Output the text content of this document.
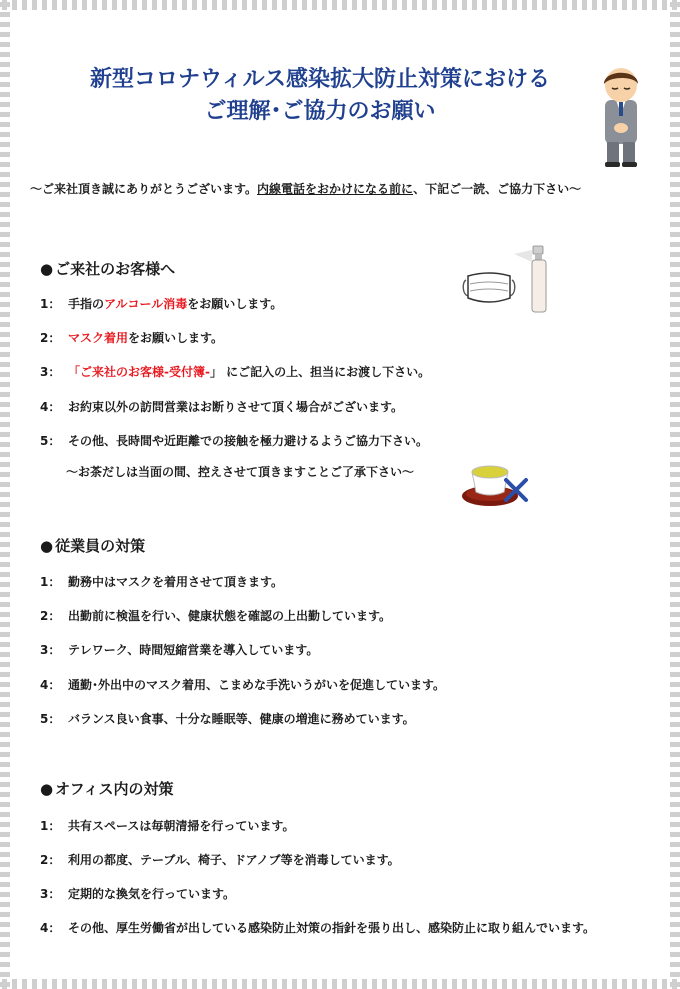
新型コロナウィルス感染拡大防止対策における
ご理解･ご協力のお願い
～ご来社頂き誠にありがとうございます。内線電話をおかけになる前に、下記ご一読、ご協力下さい～
● ご来社のお客様へ
1： 手指のアルコール消毒をお願いします。
2： マスク着用をお願いします。
3： 「ご来社のお客様-受付簿-」 にご記入の上、担当にお渡し下さい。
4： お約束以外の訪問営業はお断りさせて頂く場合がございます。
5： その他、長時間や近距離での接触を極力避けるようご協力下さい。
～お茶だしは当面の間、控えさせて頂きますことご了承下さい～
● 従業員の対策
1： 勤務中はマスクを着用させて頂きます。
2： 出勤前に検温を行い、健康状態を確認の上出勤しています。
3： テレワーク、時間短縮営業を導入しています。
4： 通勤･外出中のマスク着用、こまめな手洗いうがいを促進しています。
5： バランス良い食事、十分な睡眠等、健康の増進に務めています。
● オフィス内の対策
1： 共有スペースは毎朝清掃を行っています。
2： 利用の都度、テーブル、椅子、ドアノブ等を消毒しています。
3： 定期的な換気を行っています。
4： その他、厚生労働省が出している感染防止対策の指針を張り出し、感染防止に取り組んでいます。
